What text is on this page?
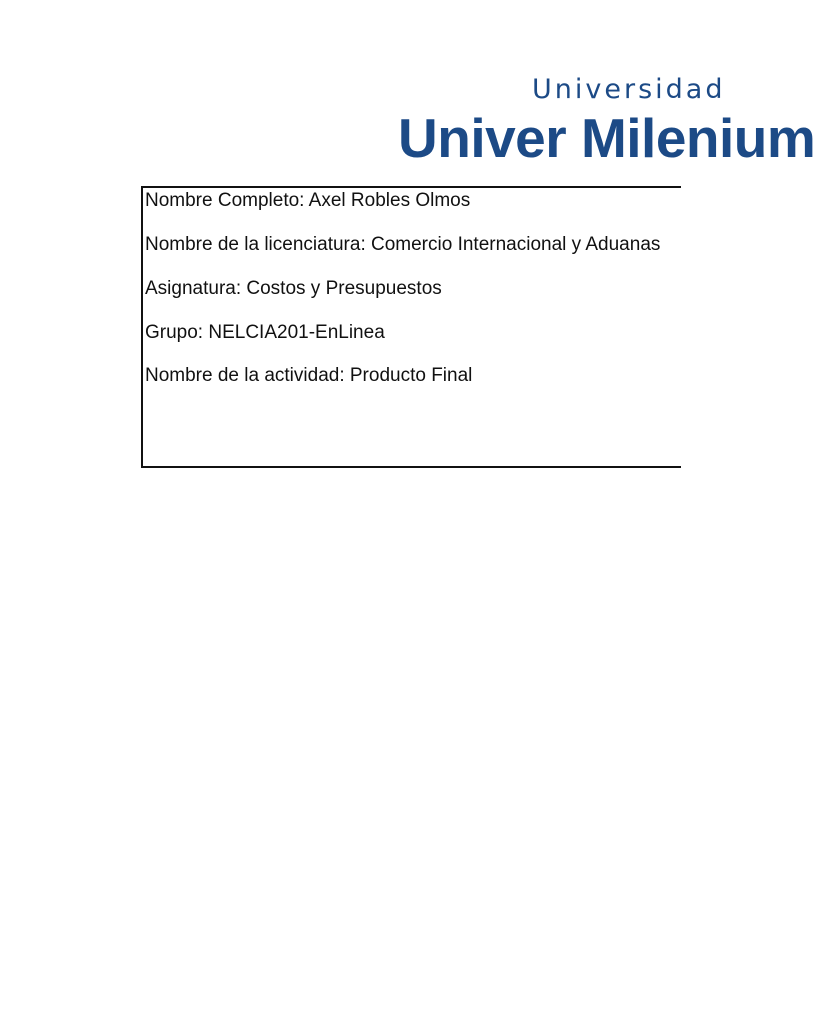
Universidad
Univer Milenium
Nombre Completo: Axel Robles Olmos
Nombre de la licenciatura: Comercio Internacional y Aduanas
Asignatura: Costos y Presupuestos
Grupo: NELCIA201-EnLinea
Nombre de la actividad: Producto Final
